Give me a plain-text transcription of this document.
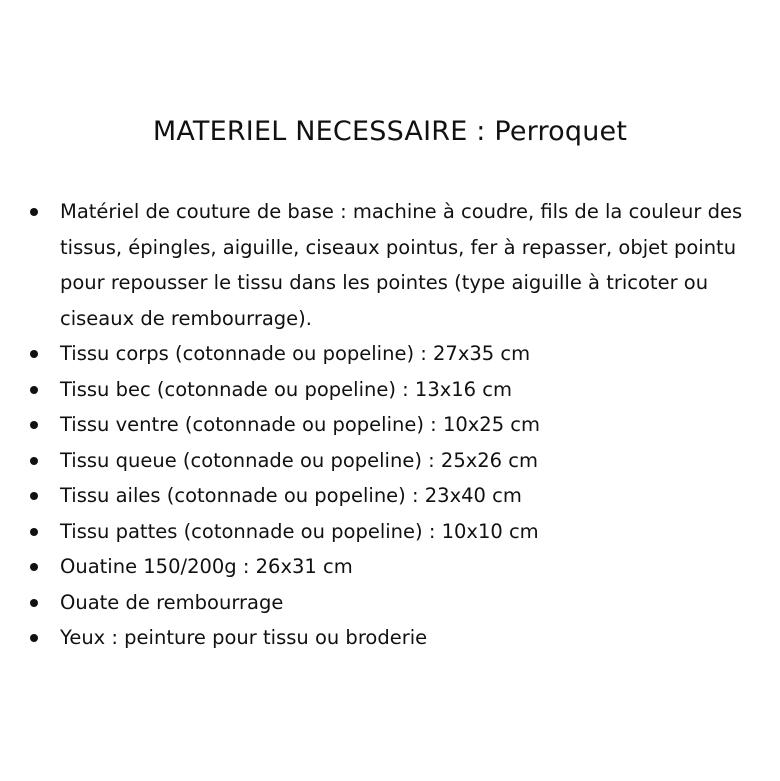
MATERIEL NECESSAIRE : Perroquet
Matériel de couture de base : machine à coudre, fils de la couleur des
tissus, épingles, aiguille, ciseaux pointus, fer à repasser, objet pointu
pour repousser le tissu dans les pointes (type aiguille à tricoter ou
ciseaux de rembourrage).
Tissu corps (cotonnade ou popeline) : 27x35 cm
Tissu bec (cotonnade ou popeline) : 13x16 cm
Tissu ventre (cotonnade ou popeline) : 10x25 cm
Tissu queue (cotonnade ou popeline) : 25x26 cm
Tissu ailes (cotonnade ou popeline) : 23x40 cm
Tissu pattes (cotonnade ou popeline) : 10x10 cm
Ouatine 150/200g : 26x31 cm
Ouate de rembourrage
Yeux : peinture pour tissu ou broderie
